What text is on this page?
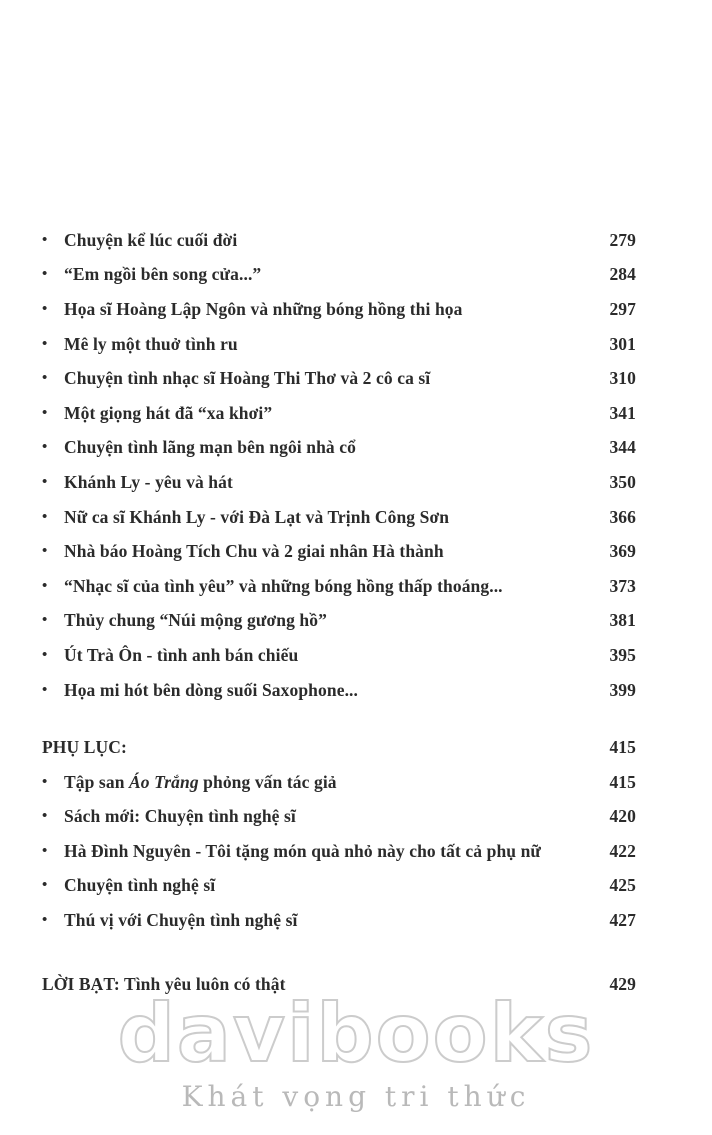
• Chuyện kể lúc cuối đời	279
• “Em ngồi bên song cửa...”	284
• Họa sĩ Hoàng Lập Ngôn và những bóng hồng thi họa	297
• Mê ly một thuở tình ru	301
• Chuyện tình nhạc sĩ Hoàng Thi Thơ và 2 cô ca sĩ	310
• Một giọng hát đã “xa khơi”	341
• Chuyện tình lãng mạn bên ngôi nhà cổ	344
• Khánh Ly - yêu và hát	350
• Nữ ca sĩ Khánh Ly - với Đà Lạt và Trịnh Công Sơn	366
• Nhà báo Hoàng Tích Chu và 2 giai nhân Hà thành	369
• “Nhạc sĩ của tình yêu” và những bóng hồng thấp thoáng...	373
• Thủy chung “Núi mộng gương hồ”	381
• Út Trà Ôn - tình anh bán chiếu	395
• Họa mi hót bên dòng suối Saxophone...	399
PHỤ LỤC:	415
• Tập san Áo Trắng phỏng vấn tác giả	415
• Sách mới: Chuyện tình nghệ sĩ	420
• Hà Đình Nguyên - Tôi tặng món quà nhỏ này cho tất cả phụ nữ	422
• Chuyện tình nghệ sĩ	425
• Thú vị với Chuyện tình nghệ sĩ	427
LỜI BẠT: Tình yêu luôn có thật	429
davibooks
Khát vọng tri thức
